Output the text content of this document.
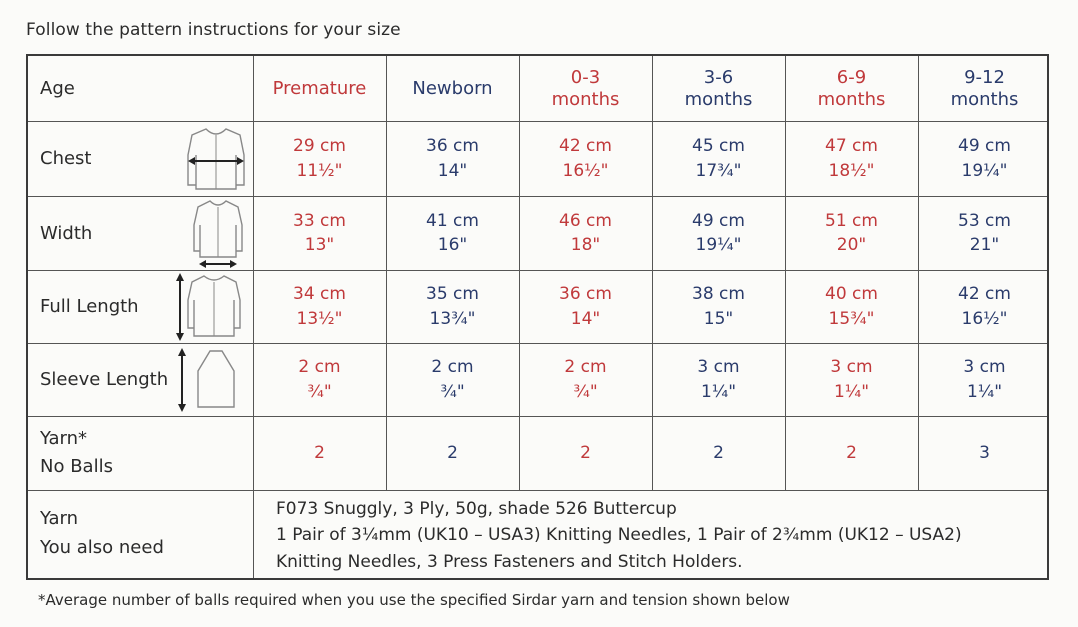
Follow the pattern instructions for your size
Age
Chest
Width
Full Length
Sleeve Length
Yarn*
No Balls
Yarn
You also need
Premature
29 cm
11½"
33 cm
13"
34 cm
13½"
2 cm
¾"
2
Newborn
36 cm
14"
41 cm
16"
35 cm
13¾"
2 cm
¾"
2
0-3
months
42 cm
16½"
46 cm
18"
36 cm
14"
2 cm
¾"
2
3-6
months
45 cm
17¾"
49 cm
19¼"
38 cm
15"
3 cm
1¼"
2
6-9
months
47 cm
18½"
51 cm
20"
40 cm
15¾"
3 cm
1¼"
2
9-12
months
49 cm
19¼"
53 cm
21"
42 cm
16½"
3 cm
1¼"
3
F073 Snuggly, 3 Ply, 50g, shade 526 Buttercup
1 Pair of 3¼mm (UK10 – USA3) Knitting Needles, 1 Pair of 2¾mm (UK12 – USA2)
Knitting Needles, 3 Press Fasteners and Stitch Holders.
*Average number of balls required when you use the specified Sirdar yarn and tension shown below
